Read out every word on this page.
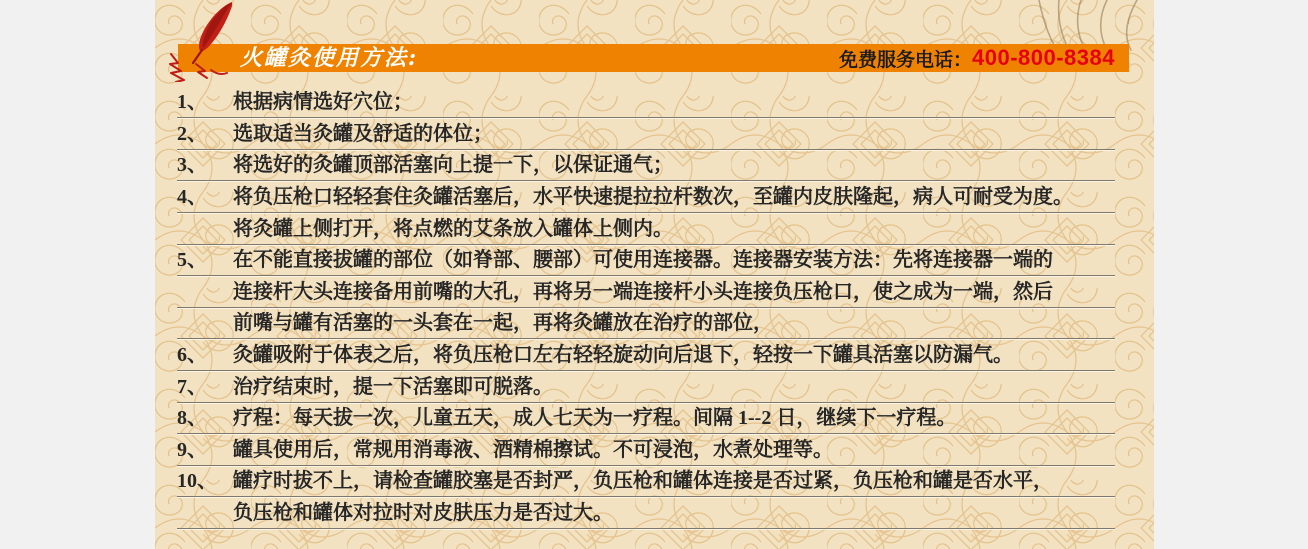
火罐灸使用方法:	免费服务电话： 400-800-8384
1、	根据病情选好穴位；
2、	选取适当灸罐及舒适的体位；
3、	将选好的灸罐顶部活塞向上提一下，以保证通气；
4、	将负压枪口轻轻套住灸罐活塞后，水平快速提拉拉杆数次，至罐内皮肤隆起，病人可耐受为度。
将灸罐上侧打开，将点燃的艾条放入罐体上侧内。
5、	在不能直接拔罐的部位（如脊部、腰部）可使用连接器。连接器安装方法：先将连接器一端的
连接杆大头连接备用前嘴的大孔，再将另一端连接杆小头连接负压枪口，使之成为一端，然后
前嘴与罐有活塞的一头套在一起，再将灸罐放在治疗的部位，
6、	灸罐吸附于体表之后，将负压枪口左右轻轻旋动向后退下，轻按一下罐具活塞以防漏气。
7、	治疗结束时，提一下活塞即可脱落。
8、	疗程：每天拔一次，儿童五天，成人七天为一疗程。间隔 1--2 日，继续下一疗程。
9、	罐具使用后，常规用消毒液、酒精棉擦试。不可浸泡，水煮处理等。
10、 罐疗时拔不上，请检查罐胶塞是否封严，负压枪和罐体连接是否过紧，负压枪和罐是否水平，
负压枪和罐体对拉时对皮肤压力是否过大。
